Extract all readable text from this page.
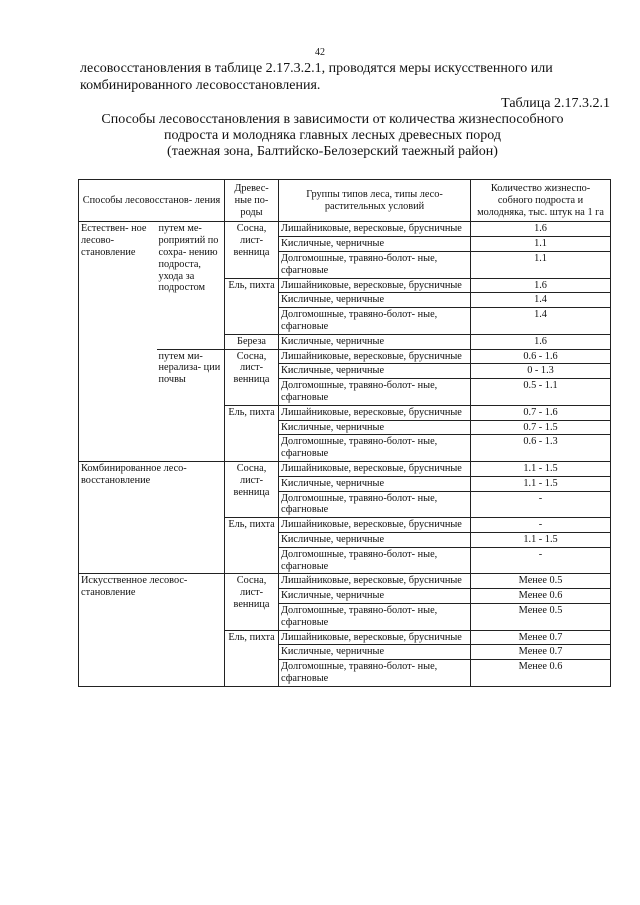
42

лесовосстановления в таблице 2.17.3.2.1, проводятся меры искусственного или

комбинированного лесовосстановления.

Таблица 2.17.3.2.1
Способы лесовосстановления в зависимости от количества жизнеспособного
подроста и молодняка главных лесных древесных пород
(таежная зона, Балтийско-Белозерский таежный район)
Способы лесовосстанов- ления		Древес- ные по- роды	Группы типов леса, типы лесо- растительных условий	Количество жизнеспо- собного подроста и молодняка, тыс. штук на 1 га
Естествен- ное лесово- становление	путем ме- роприятий по сохра- нению подроста, ухода за подростом	Сосна, лист- венница	Лишайниковые, вересковые, брусничные	1.6
			Кисличные, черничные	1.1
			Долгомошные, травяно-болот- ные, сфагновые	1.1
		Ель, пихта	Лишайниковые, вересковые, брусничные	1.6
			Кисличные, черничные	1.4
			Долгомошные, травяно-болот- ные, сфагновые	1.4
		Береза	Кисличные, черничные	1.6
	путем ми- нерализа- ции почвы	Сосна, лист- венница	Лишайниковые, вересковые, брусничные	0.6 - 1.6
			Кисличные, черничные	0 - 1.3
			Долгомошные, травяно-болот- ные, сфагновые	0.5 - 1.1
		Ель, пихта	Лишайниковые, вересковые, брусничные	0.7 - 1.6
			Кисличные, черничные	0.7 - 1.5
			Долгомошные, травяно-болот- ные, сфагновые	0.6 - 1.3
Комбинированное лесо- восстановление		Сосна, лист- венница	Лишайниковые, вересковые, брусничные	1.1 - 1.5
			Кисличные, черничные	1.1 - 1.5
			Долгомошные, травяно-болот- ные, сфагновые	-
		Ель, пихта	Лишайниковые, вересковые, брусничные	-
			Кисличные, черничные	1.1 - 1.5
			Долгомошные, травяно-болот- ные, сфагновые	-
Искусственное лесовос- становление		Сосна, лист- венница	Лишайниковые, вересковые, брусничные	Менее 0.5
			Кисличные, черничные	Менее 0.6
			Долгомошные, травяно-болот- ные, сфагновые	Менее 0.5
		Ель, пихта	Лишайниковые, вересковые, брусничные	Менее 0.7
			Кисличные, черничные	Менее 0.7
			Долгомошные, травяно-болот- ные, сфагновые	Менее 0.6
